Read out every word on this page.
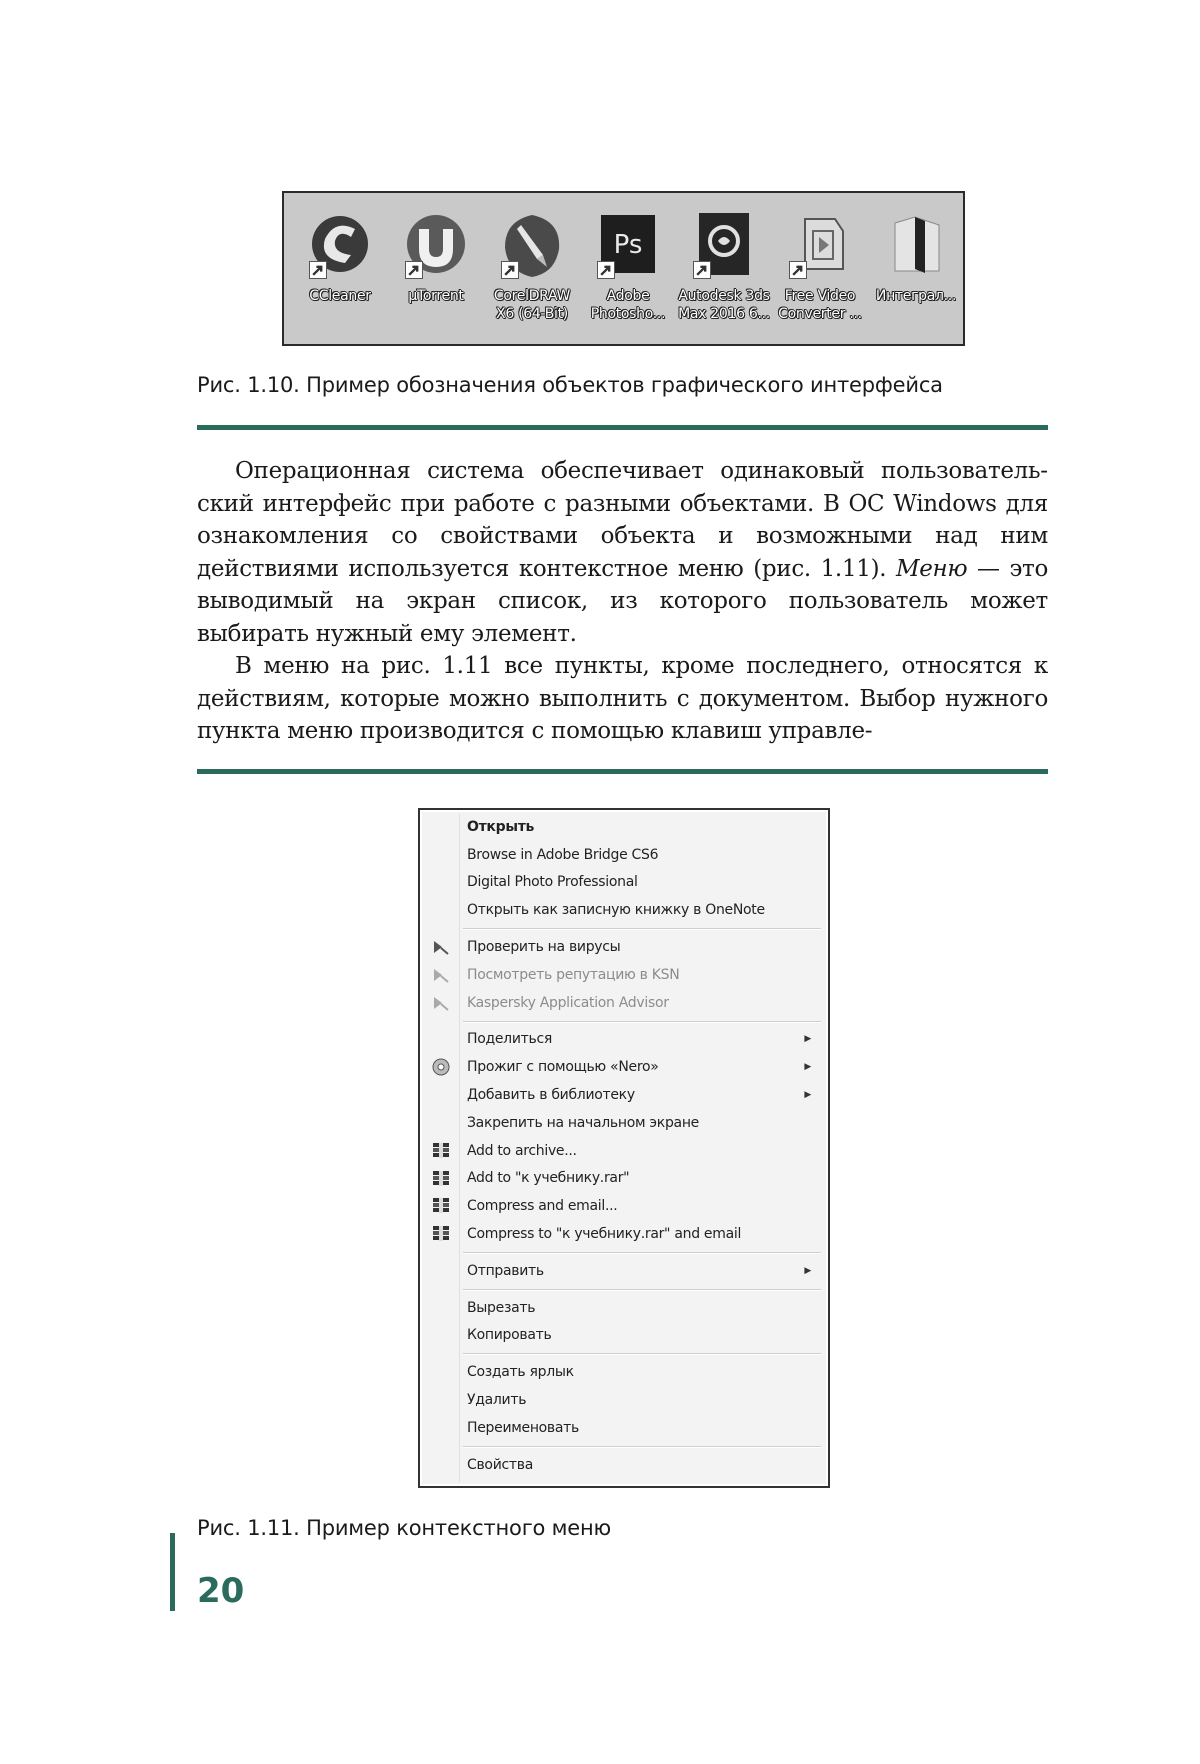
CCleaner	µTorrent	CorelDRAW
X6 (64-Bit)
Ps
Adobe
Photosho...
Autodesk 3ds
Max 2016 6...
Free Video
Converter ...
Интеграл...
Рис. 1.10. Пример обозначения объектов графического интерфейса

Операционная система обеспечивает одинаковый пользовательский интерфейс при работе с разными объектами. В ОС Windows для ознакомления со свойствами объекта и возможными над ним действиями используется контекстное меню (рис. 1.11). Меню — это выводимый на экран список, из которого пользователь может выбирать нужный ему элемент.

В меню на рис. 1.11 все пункты, кроме последнего, относятся к действиям, которые можно выполнить с документом. Выбор нужного пункта меню производится с помощью клавиш управле-

Открыть
Browse in Adobe Bridge CS6
Digital Photo Professional
Открыть как записную книжку в OneNote
Проверить на вирусы
Посмотреть репутацию в KSN
Kaspersky Application Advisor
Поделиться	▶
Прожиг с помощью «Nero»	▶
Добавить в библиотеку	▶
Закрепить на начальном экране
Add to archive...
Add to "к учебнику.rar"
Compress and email...
Compress to "к учебнику.rar" and email
Отправить	▶
Вырезать
Копировать
Создать ярлык
Удалить
Переименовать
Свойства
Рис. 1.11. Пример контекстного меню
20
